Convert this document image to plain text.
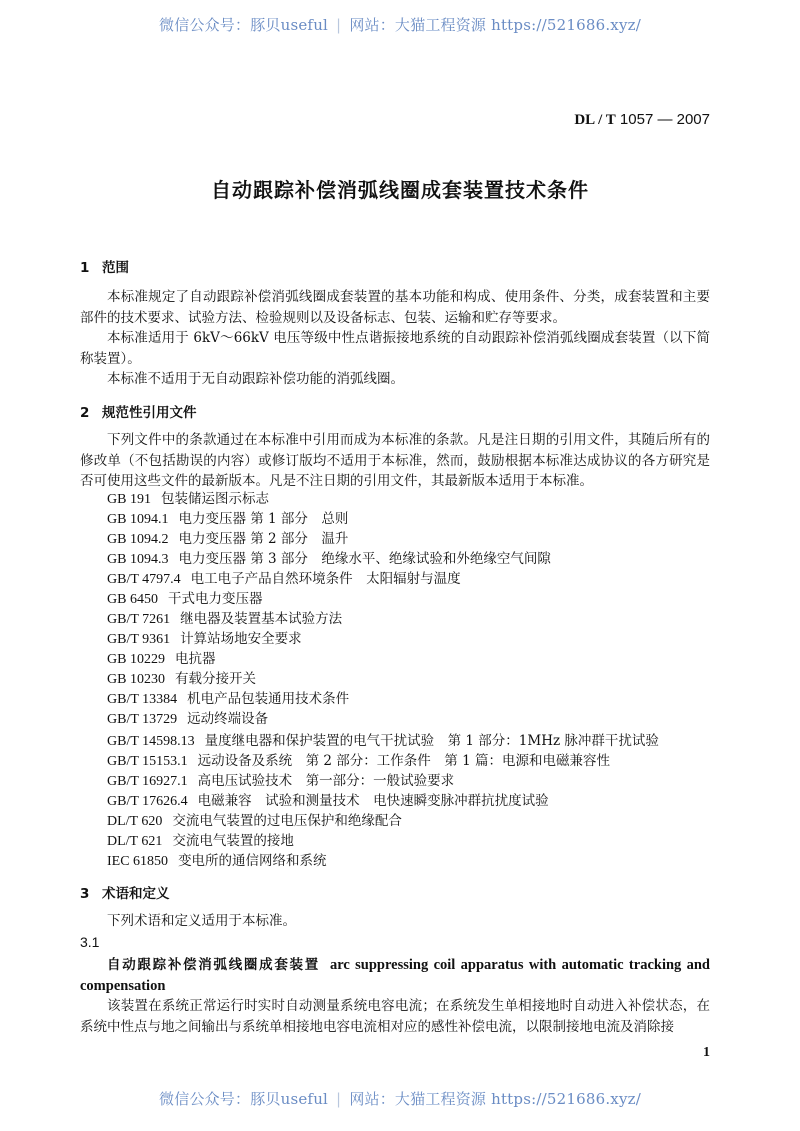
微信公众号：豚贝useful | 网站：大猫工程资源 https://521686.xyz/
DL / T 1057 — 2007
自动跟踪补偿消弧线圈成套装置技术条件
1 范围
本标准规定了自动跟踪补偿消弧线圈成套装置的基本功能和构成、使用条件、分类，成套装置和主要部件的技术要求、试验方法、检验规则以及设备标志、包装、运输和贮存等要求。
本标准适用于 6kV～66kV 电压等级中性点谐振接地系统的自动跟踪补偿消弧线圈成套装置（以下简称装置）。
本标准不适用于无自动跟踪补偿功能的消弧线圈。
2 规范性引用文件
下列文件中的条款通过在本标准中引用而成为本标准的条款。凡是注日期的引用文件，其随后所有的修改单（不包括勘误的内容）或修订版均不适用于本标准，然而，鼓励根据本标准达成协议的各方研究是否可使用这些文件的最新版本。凡是不注日期的引用文件，其最新版本适用于本标准。
GB 191 包装储运图示标志
GB 1094.1 电力变压器 第 1 部分　总则
GB 1094.2 电力变压器 第 2 部分　温升
GB 1094.3 电力变压器 第 3 部分　绝缘水平、绝缘试验和外绝缘空气间隙
GB/T 4797.4 电工电子产品自然环境条件　太阳辐射与温度
GB 6450 干式电力变压器
GB/T 7261 继电器及装置基本试验方法
GB/T 9361 计算站场地安全要求
GB 10229 电抗器
GB 10230 有载分接开关
GB/T 13384 机电产品包装通用技术条件
GB/T 13729 远动终端设备
GB/T 14598.13 量度继电器和保护装置的电气干扰试验　第 1 部分：1MHz 脉冲群干扰试验
GB/T 15153.1 远动设备及系统　第 2 部分：工作条件　第 1 篇：电源和电磁兼容性
GB/T 16927.1 高电压试验技术　第一部分：一般试验要求
GB/T 17626.4 电磁兼容　试验和测量技术　电快速瞬变脉冲群抗扰度试验
DL/T 620 交流电气装置的过电压保护和绝缘配合
DL/T 621 交流电气装置的接地
IEC 61850 变电所的通信网络和系统
3 术语和定义
下列术语和定义适用于本标准。
3.1
自动跟踪补偿消弧线圈成套装置 arc suppressing coil apparatus with automatic tracking and compensation
该装置在系统正常运行时实时自动测量系统电容电流；在系统发生单相接地时自动进入补偿状态，在系统中性点与地之间输出与系统单相接地电容电流相对应的感性补偿电流，以限制接地电流及消除接
1
微信公众号：豚贝useful | 网站：大猫工程资源 https://521686.xyz/
